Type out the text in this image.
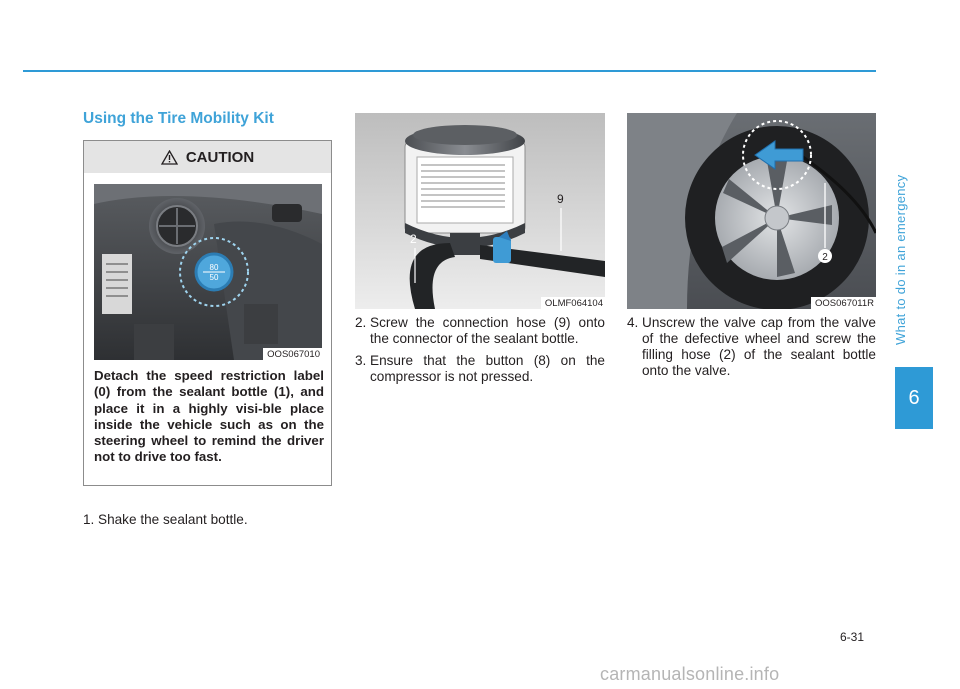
Using the Tire Mobility Kit
CAUTION
80
50
OOS067010
Detach the speed restriction label (0) from the sealant bottle (1), and place it in a highly visi-ble place inside the vehicle such as on the steering wheel to remind the driver not to drive too fast.
2
9
OLMF064104
2
OOS067011R
1. Shake the sealant bottle.
2. Screw the connection hose (9) onto the connector of the sealant bottle.
3. Ensure that the button (8) on the compressor is not pressed.
4. Unscrew the valve cap from the valve of the defective wheel and screw the filling hose (2) of the sealant bottle onto the valve.
What to do in an emergency
6
6-31
carmanualsonline.info
